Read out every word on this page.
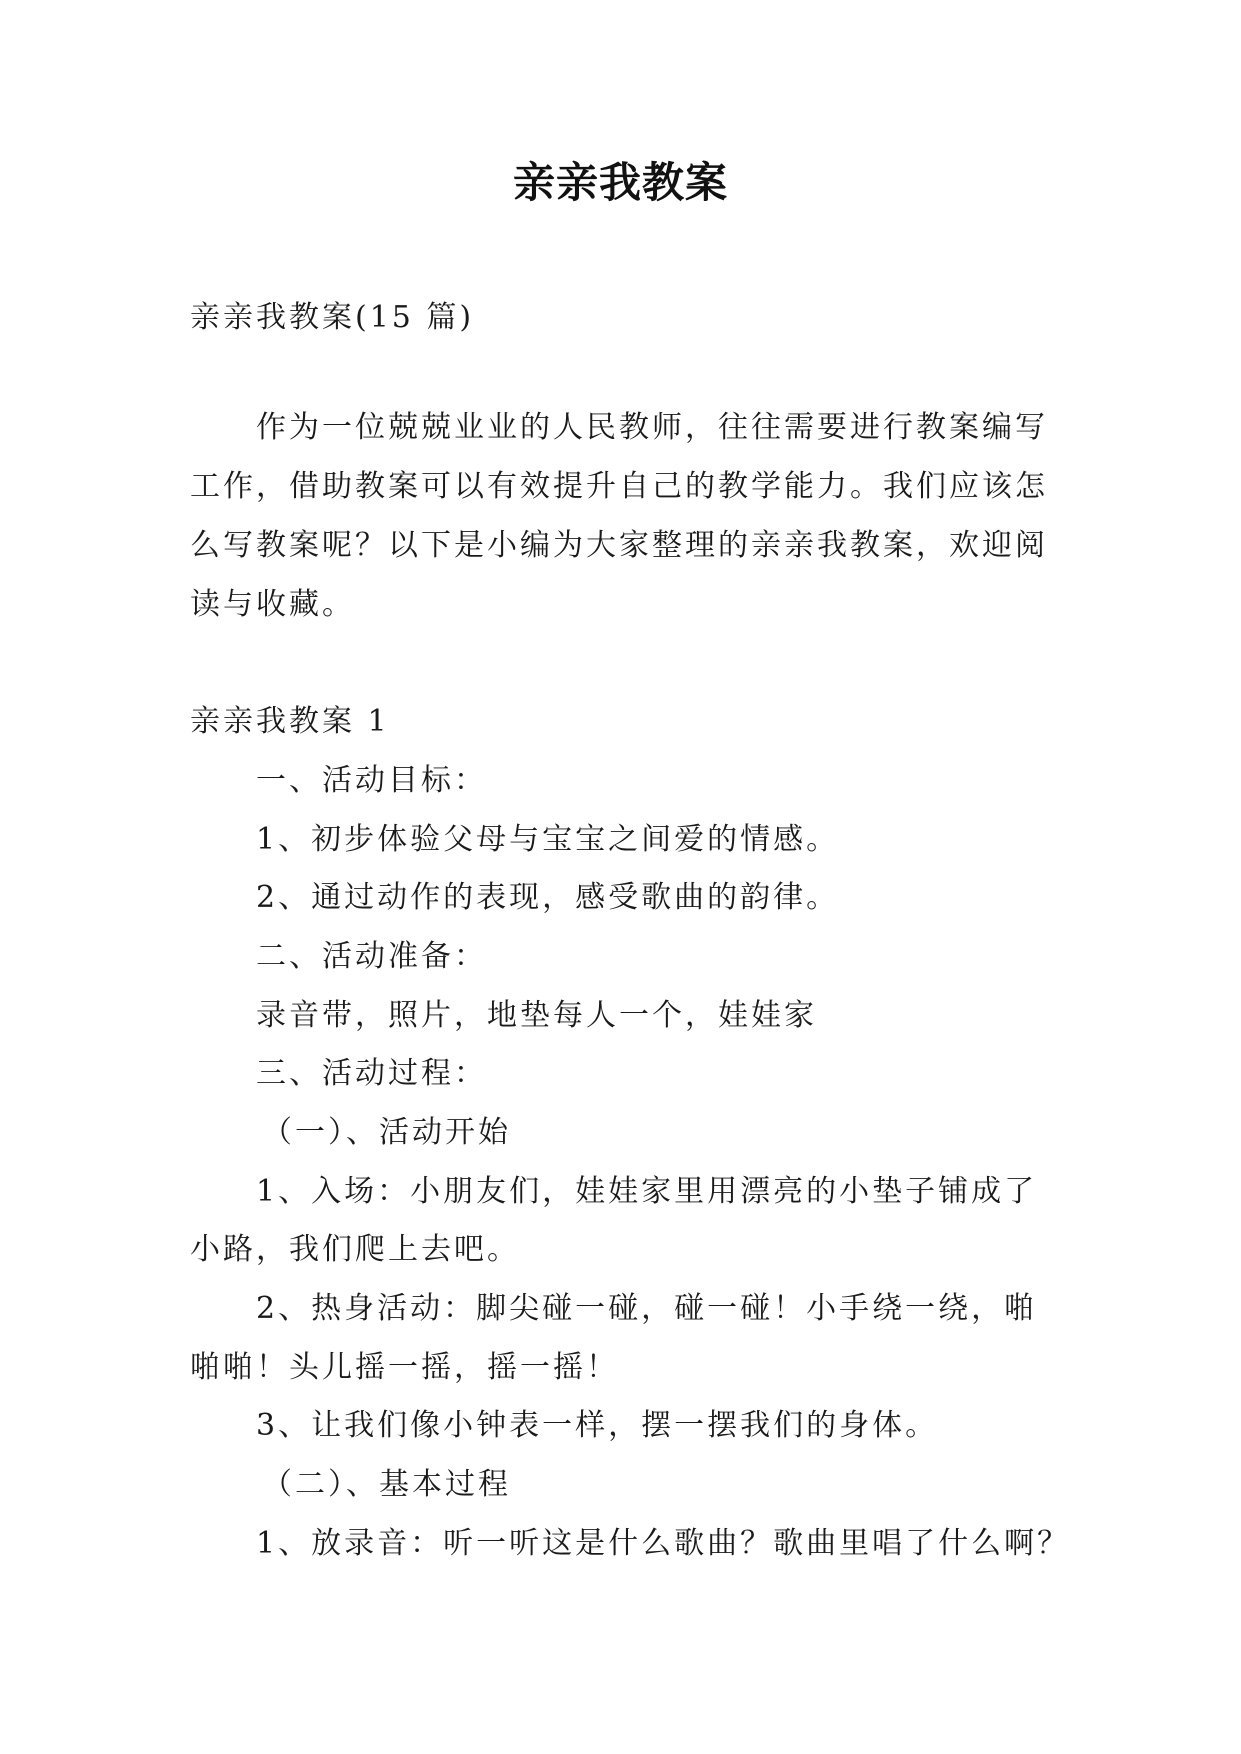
亲亲我教案
亲亲我教案(15 篇)
作为一位兢兢业业的人民教师，往往需要进行教案编写
工作，借助教案可以有效提升自己的教学能力。我们应该怎
么写教案呢？以下是小编为大家整理的亲亲我教案，欢迎阅
读与收藏。
亲亲我教案 1
一、活动目标：
1、初步体验父母与宝宝之间爱的情感。
2、通过动作的表现，感受歌曲的韵律。
二、活动准备：
录音带，照片，地垫每人一个，娃娃家
三、活动过程：
（一）、活动开始
1、入场：小朋友们，娃娃家里用漂亮的小垫子铺成了
小路，我们爬上去吧。
2、热身活动：脚尖碰一碰，碰一碰！小手绕一绕，啪
啪啪！头儿摇一摇，摇一摇！
3、让我们像小钟表一样，摆一摆我们的身体。
（二）、基本过程
1、放录音：听一听这是什么歌曲？歌曲里唱了什么啊？
